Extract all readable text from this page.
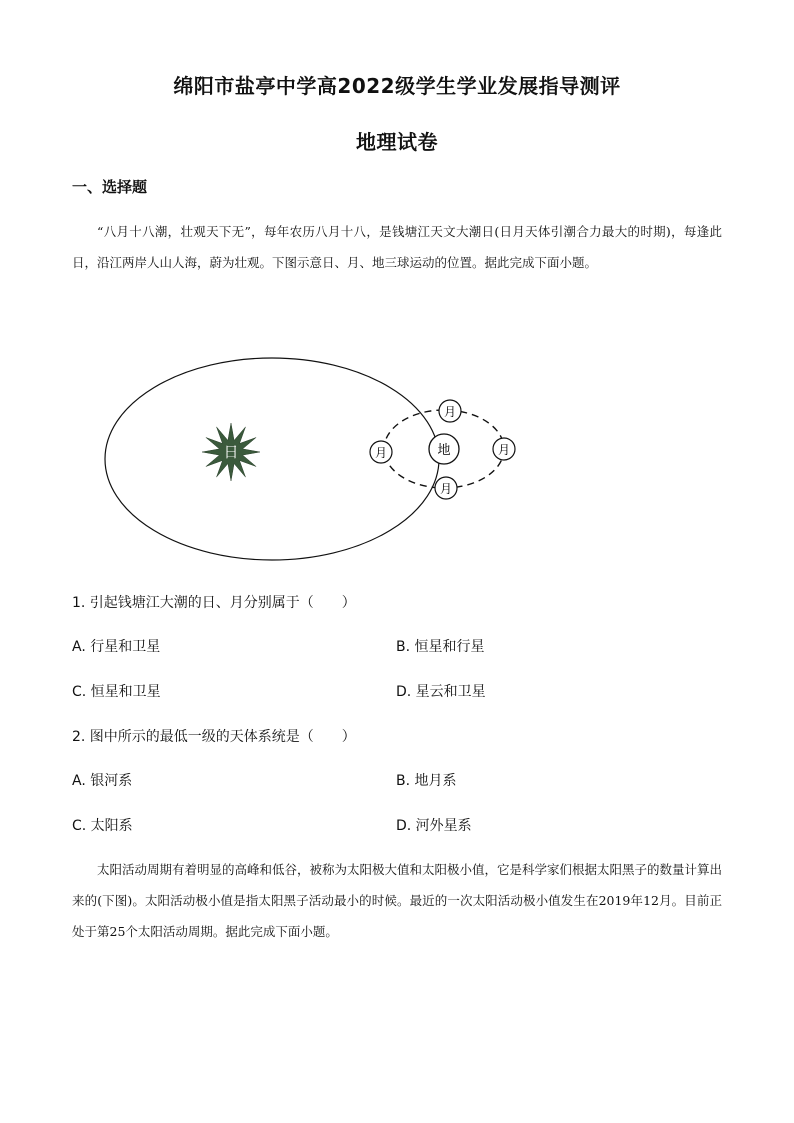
绵阳市盐亭中学高2022级学生学业发展指导测评
地理试卷
一、选择题
“八月十八潮，壮观天下无”，每年农历八月十八，是钱塘江天文大潮日(日月天体引潮合力最大的时期)，每逢此日，沿江两岸人山人海，蔚为壮观。下图示意日、月、地三球运动的位置。据此完成下面小题。
日	地
月
月	月
月
1. 引起钱塘江大潮的日、月分别属于（　　）
A. 行星和卫星	B. 恒星和行星
C. 恒星和卫星	D. 星云和卫星
2. 图中所示的最低一级的天体系统是（　　）
A. 银河系	B. 地月系
C. 太阳系	D. 河外星系
太阳活动周期有着明显的高峰和低谷，被称为太阳极大值和太阳极小值，它是科学家们根据太阳黑子的数量计算出来的(下图)。太阳活动极小值是指太阳黑子活动最小的时候。最近的一次太阳活动极小值发生在2019年12月。目前正处于第25个太阳活动周期。据此完成下面小题。
